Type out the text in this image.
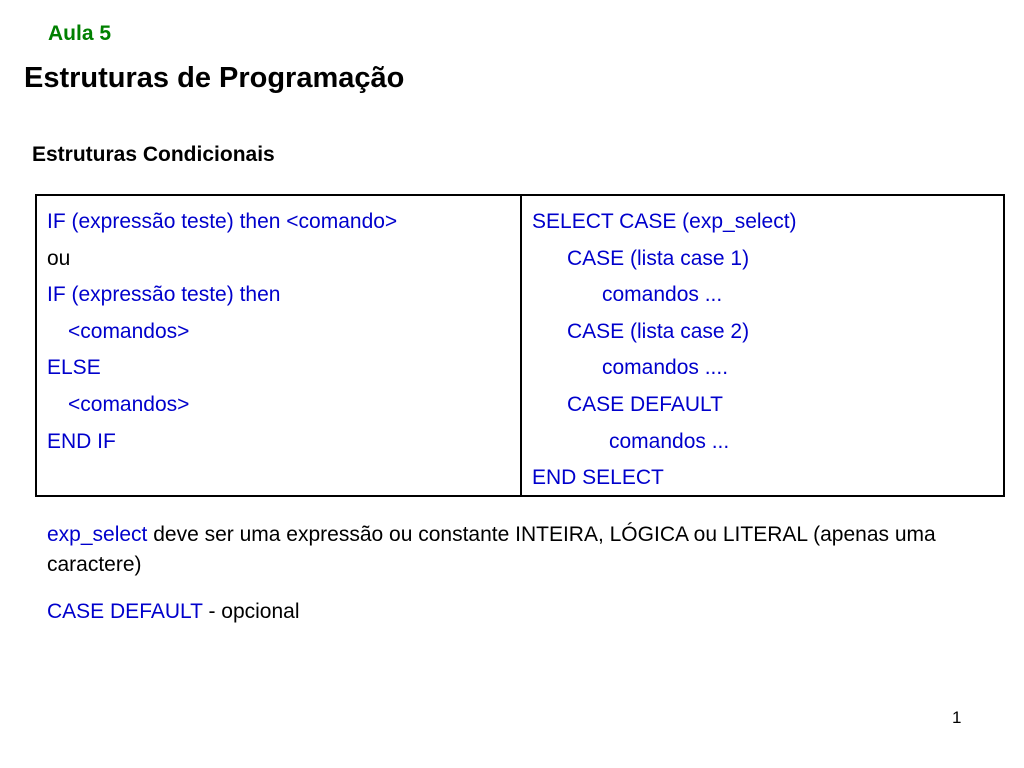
Aula 5
Estruturas de Programação
Estruturas Condicionais
IF (expressão teste) then <comando>
ou
IF (expressão teste) then
<comandos>
ELSE
<comandos>
END IF
SELECT CASE (exp_select)
CASE (lista case 1)
comandos ...
CASE (lista case 2)
comandos ....
CASE DEFAULT
comandos ...
END SELECT
exp_select deve ser uma expressão ou constante INTEIRA, LÓGICA ou LITERAL (apenas uma caractere)
CASE DEFAULT - opcional
1
